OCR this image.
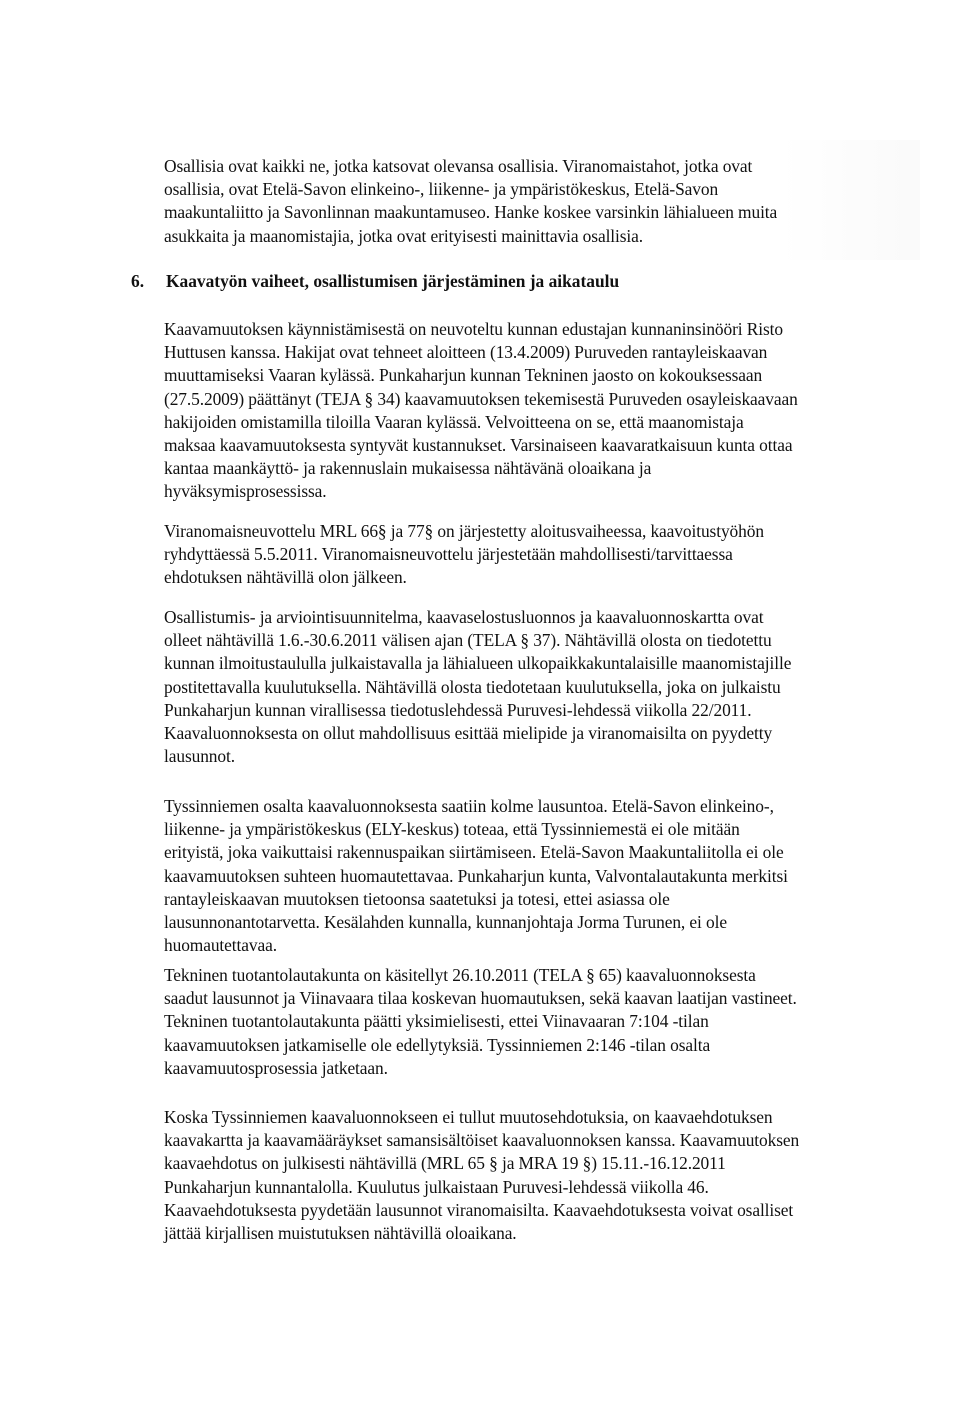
Osallisia ovat kaikki ne, jotka katsovat olevansa osallisia. Viranomaistahot, jotka ovat
osallisia, ovat Etelä-Savon elinkeino-, liikenne- ja ympäristökeskus, Etelä-Savon
maakuntaliitto ja Savonlinnan maakuntamuseo. Hanke koskee varsinkin lähialueen muita
asukkaita ja maanomistajia, jotka ovat erityisesti mainittavia osallisia.

6. Kaavatyön vaiheet, osallistumisen järjestäminen ja aikataulu

Kaavamuutoksen käynnistämisestä on neuvoteltu kunnan edustajan kunnaninsinööri Risto
Huttusen kanssa. Hakijat ovat tehneet aloitteen (13.4.2009) Puruveden rantayleiskaavan
muuttamiseksi Vaaran kylässä. Punkaharjun kunnan Tekninen jaosto on kokouksessaan
(27.5.2009) päättänyt (TEJA § 34) kaavamuutoksen tekemisestä Puruveden osayleiskaavaan
hakijoiden omistamilla tiloilla Vaaran kylässä. Velvoitteena on se, että maanomistaja
maksaa kaavamuutoksesta syntyvät kustannukset. Varsinaiseen kaavaratkaisuun kunta ottaa
kantaa maankäyttö- ja rakennuslain mukaisessa nähtävänä oloaikana ja
hyväksymisprosessissa.

Viranomaisneuvottelu MRL 66§ ja 77§ on järjestetty aloitusvaiheessa, kaavoitustyöhön
ryhdyttäessä 5.5.2011. Viranomaisneuvottelu järjestetään mahdollisesti/tarvittaessa
ehdotuksen nähtävillä olon jälkeen.

Osallistumis- ja arviointisuunnitelma, kaavaselostusluonnos ja kaavaluonnoskartta ovat
olleet nähtävillä 1.6.-30.6.2011 välisen ajan (TELA § 37). Nähtävillä olosta on tiedotettu
kunnan ilmoitustaululla julkaistavalla ja lähialueen ulkopaikkakuntalaisille maanomistajille
postitettavalla kuulutuksella. Nähtävillä olosta tiedotetaan kuulutuksella, joka on julkaistu
Punkaharjun kunnan virallisessa tiedotuslehdessä Puruvesi-lehdessä viikolla 22/2011.
Kaavaluonnoksesta on ollut mahdollisuus esittää mielipide ja viranomaisilta on pyydetty
lausunnot.

Tyssinniemen osalta kaavaluonnoksesta saatiin kolme lausuntoa. Etelä-Savon elinkeino-,
liikenne- ja ympäristökeskus (ELY-keskus) toteaa, että Tyssinniemestä ei ole mitään
erityistä, joka vaikuttaisi rakennuspaikan siirtämiseen. Etelä-Savon Maakuntaliitolla ei ole
kaavamuutoksen suhteen huomautettavaa. Punkaharjun kunta, Valvontalautakunta merkitsi
rantayleiskaavan muutoksen tietoonsa saatetuksi ja totesi, ettei asiassa ole
lausunnonantotarvetta. Kesälahden kunnalla, kunnanjohtaja Jorma Turunen, ei ole
huomautettavaa.

Tekninen tuotantolautakunta on käsitellyt 26.10.2011 (TELA § 65) kaavaluonnoksesta
saadut lausunnot ja Viinavaara tilaa koskevan huomautuksen, sekä kaavan laatijan vastineet.
Tekninen tuotantolautakunta päätti yksimielisesti, ettei Viinavaaran 7:104 -tilan
kaavamuutoksen jatkamiselle ole edellytyksiä. Tyssinniemen 2:146 -tilan osalta
kaavamuutosprosessia jatketaan.

Koska Tyssinniemen kaavaluonnokseen ei tullut muutosehdotuksia, on kaavaehdotuksen
kaavakartta ja kaavamääräykset samansisältöiset kaavaluonnoksen kanssa. Kaavamuutoksen
kaavaehdotus on julkisesti nähtävillä (MRL 65 § ja MRA 19 §) 15.11.-16.12.2011
Punkaharjun kunnantalolla. Kuulutus julkaistaan Puruvesi-lehdessä viikolla 46.
Kaavaehdotuksesta pyydetään lausunnot viranomaisilta. Kaavaehdotuksesta voivat osalliset
jättää kirjallisen muistutuksen nähtävillä oloaikana.
